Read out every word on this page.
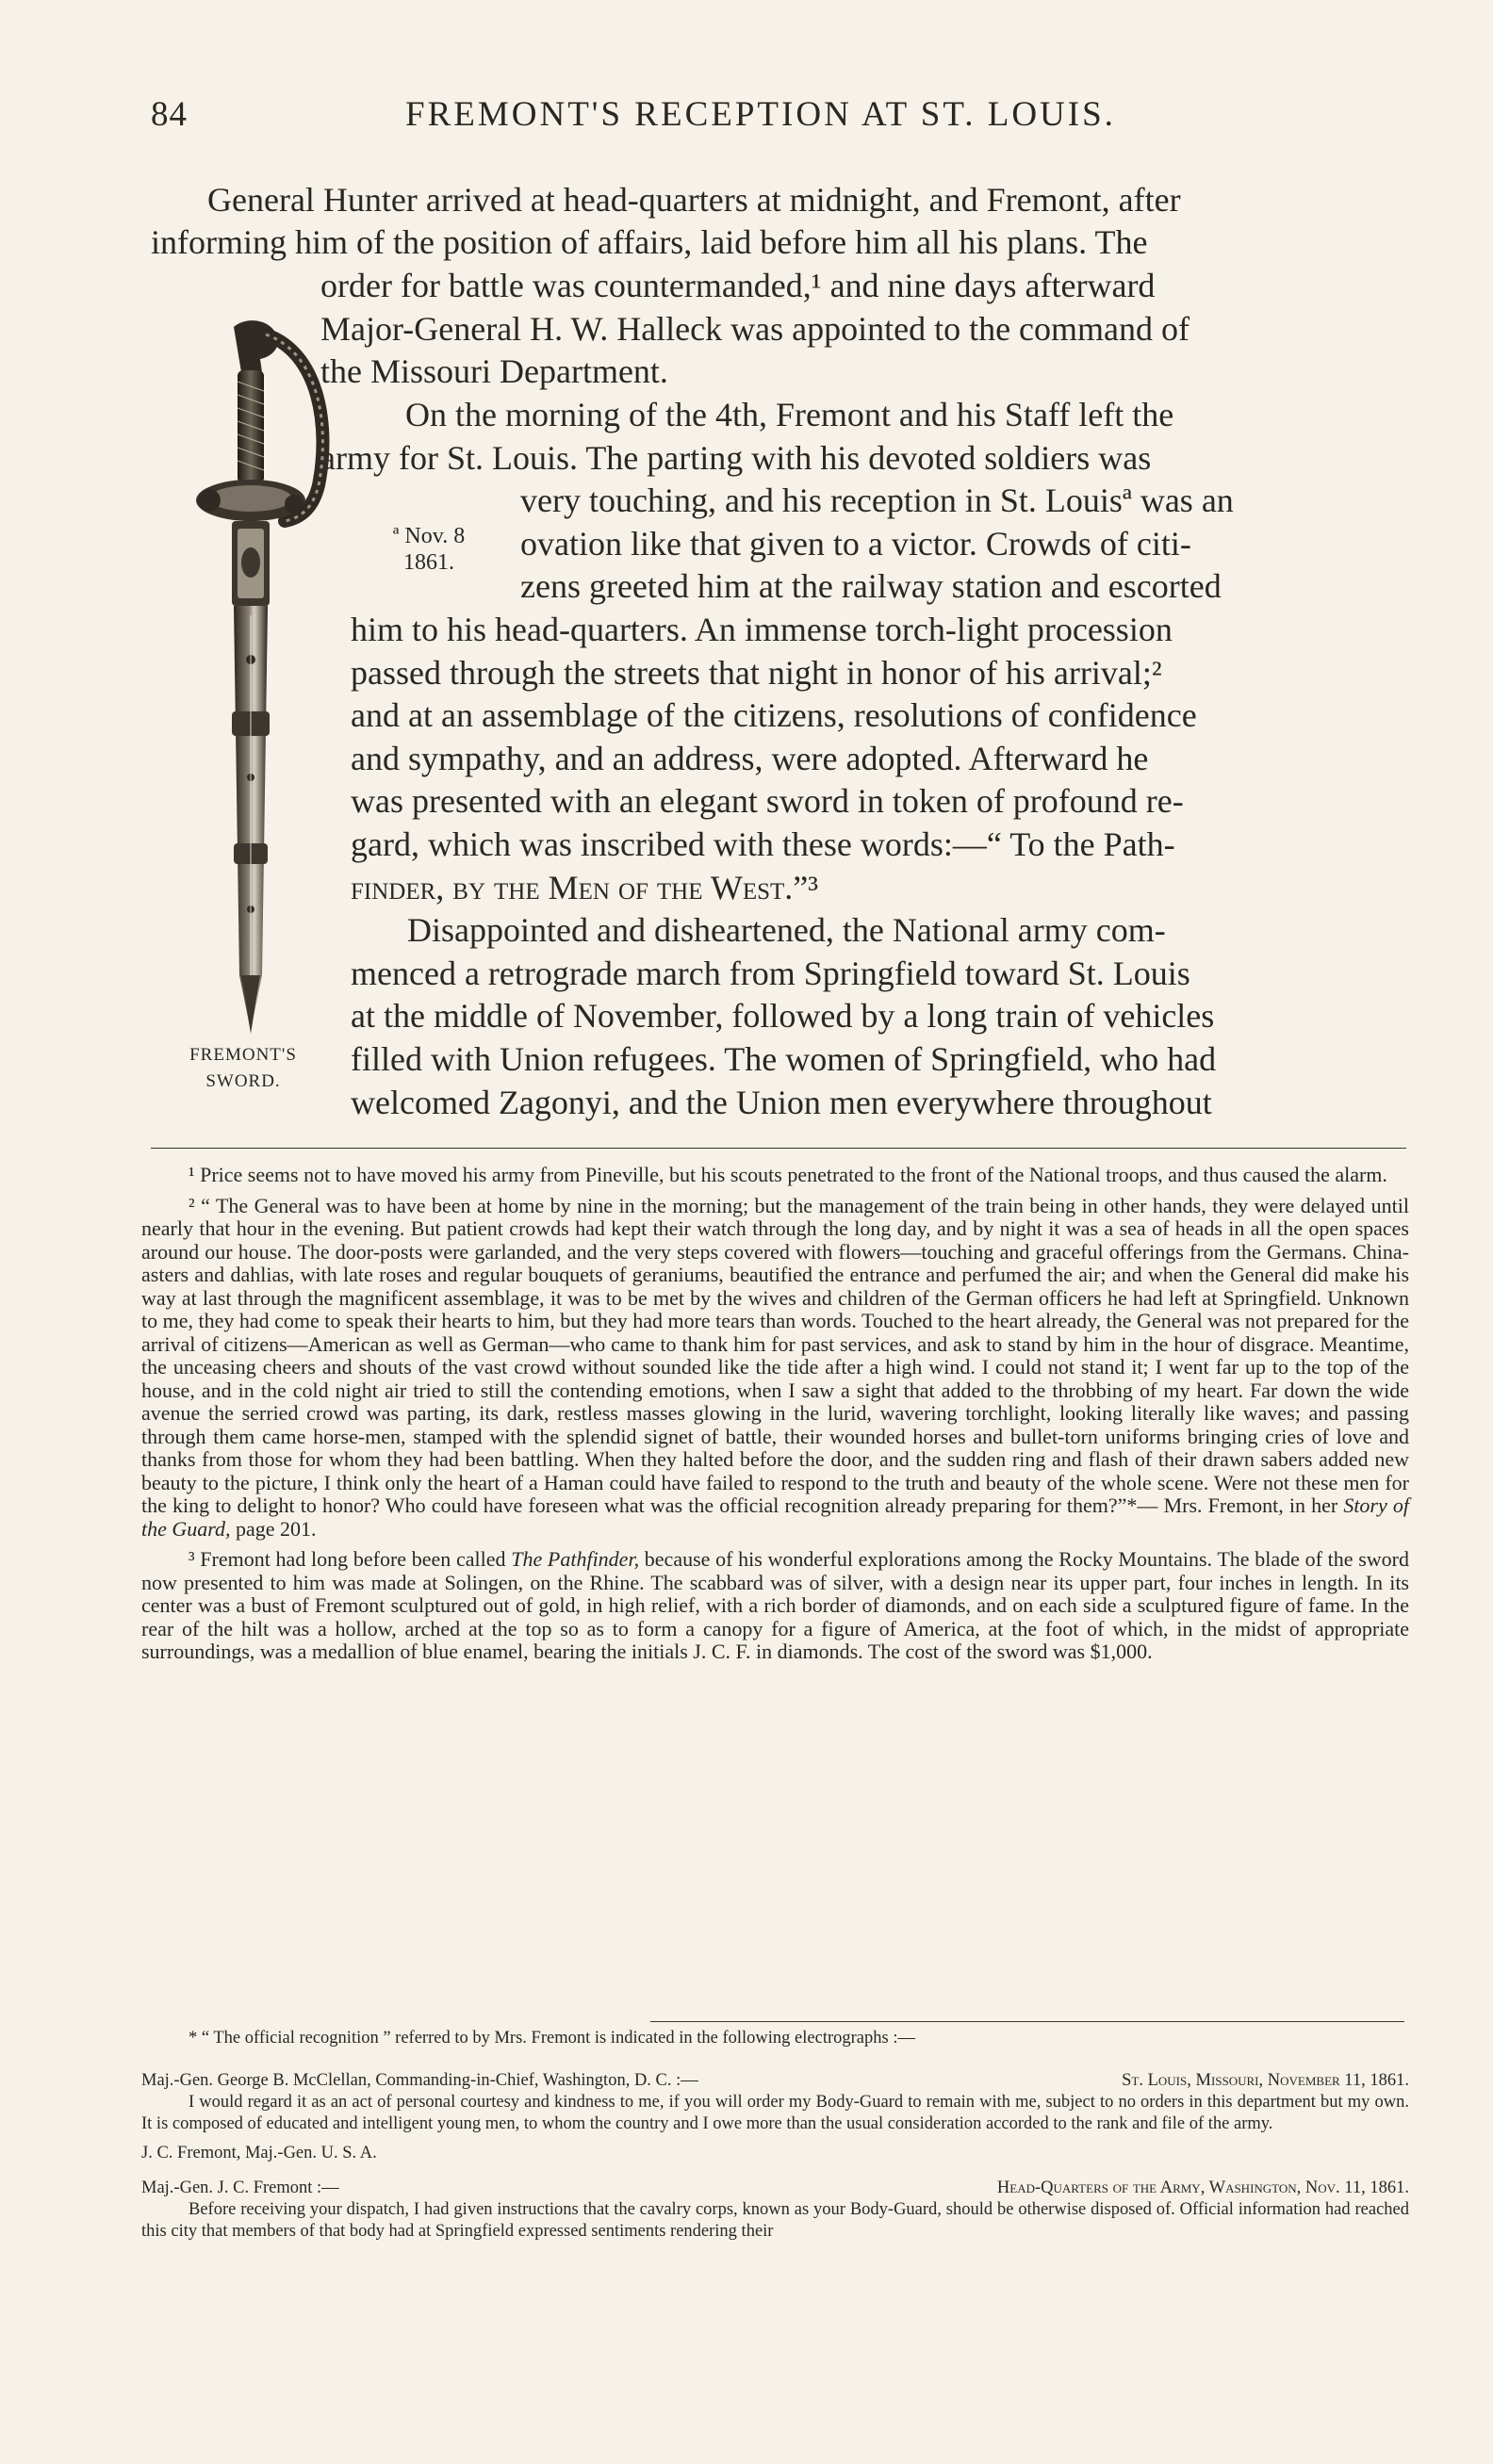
84	FREMONT'S RECEPTION AT ST. LOUIS.
General Hunter arrived at head-quarters at midnight, and Fremont, after
informing him of the position of affairs, laid before him all his plans. The
order for battle was countermanded,¹ and nine days afterward
Major-General H. W. Halleck was appointed to the command of
the Missouri Department.
On the morning of the 4th, Fremont and his Staff left the
army for St. Louis. The parting with his devoted soldiers was
very touching, and his reception in St. Louisª was an
ovation like that given to a victor. Crowds of citi-
zens greeted him at the railway station and escorted
him to his head-quarters. An immense torch-light procession
passed through the streets that night in honor of his arrival;²
and at an assemblage of the citizens, resolutions of confidence
and sympathy, and an address, were adopted. Afterward he
was presented with an elegant sword in token of profound re-
gard, which was inscribed with these words:—“ To the Path-
finder, by the Men of the West.”³
Disappointed and disheartened, the National army com-
menced a retrograde march from Springfield toward St. Louis
at the middle of November, followed by a long train of vehicles
filled with Union refugees. The women of Springfield, who had
welcomed Zagonyi, and the Union men everywhere throughout
ª Nov. 8
1861.
FREMONT'S
SWORD.

¹ Price seems not to have moved his army from Pineville, but his scouts penetrated to the front of the National troops, and thus caused the alarm.

² “ The General was to have been at home by nine in the morning; but the management of the train being in other hands, they were delayed until nearly that hour in the evening. But patient crowds had kept their watch through the long day, and by night it was a sea of heads in all the open spaces around our house. The door-posts were garlanded, and the very steps covered with flowers—touching and graceful offerings from the Germans. China-asters and dahlias, with late roses and regular bouquets of geraniums, beautified the entrance and perfumed the air; and when the General did make his way at last through the magnificent assemblage, it was to be met by the wives and children of the German officers he had left at Springfield. Unknown to me, they had come to speak their hearts to him, but they had more tears than words. Touched to the heart already, the General was not prepared for the arrival of citizens—American as well as German—who came to thank him for past services, and ask to stand by him in the hour of disgrace. Meantime, the unceasing cheers and shouts of the vast crowd without sounded like the tide after a high wind. I could not stand it; I went far up to the top of the house, and in the cold night air tried to still the contending emotions, when I saw a sight that added to the throbbing of my heart. Far down the wide avenue the serried crowd was parting, its dark, restless masses glowing in the lurid, wavering torchlight, looking literally like waves; and passing through them came horse-men, stamped with the splendid signet of battle, their wounded horses and bullet-torn uniforms bringing cries of love and thanks from those for whom they had been battling. When they halted before the door, and the sudden ring and flash of their drawn sabers added new beauty to the picture, I think only the heart of a Haman could have failed to respond to the truth and beauty of the whole scene. Were not these men for the king to delight to honor? Who could have foreseen what was the official recognition already preparing for them?”*— Mrs. Fremont, in her Story of the Guard, page 201.

³ Fremont had long before been called The Pathfinder, because of his wonderful explorations among the Rocky Mountains. The blade of the sword now presented to him was made at Solingen, on the Rhine. The scabbard was of silver, with a design near its upper part, four inches in length. In its center was a bust of Fremont sculptured out of gold, in high relief, with a rich border of diamonds, and on each side a sculptured figure of fame. In the rear of the hilt was a hollow, arched at the top so as to form a canopy for a figure of America, at the foot of which, in the midst of appropriate surroundings, was a medallion of blue enamel, bearing the initials J. C. F. in diamonds. The cost of the sword was $1,000.

* “ The official recognition ” referred to by Mrs. Fremont is indicated in the following electrographs :—

Maj.-Gen. George B. McClellan, Commanding-in-Chief, Washington, D. C. :—	St. Louis, Missouri, November 11, 1861.

I would regard it as an act of personal courtesy and kindness to me, if you will order my Body-Guard to remain with me, subject to no orders in this department but my own. It is composed of educated and intelligent young men, to whom the country and I owe more than the usual consideration accorded to the rank and file of the army.

J. C. Fremont, Maj.-Gen. U. S. A.

Maj.-Gen. J. C. Fremont :—	Head-Quarters of the Army, Washington, Nov. 11, 1861.

Before receiving your dispatch, I had given instructions that the cavalry corps, known as your Body-Guard, should be otherwise disposed of. Official information had reached this city that members of that body had at Springfield expressed sentiments rendering their
